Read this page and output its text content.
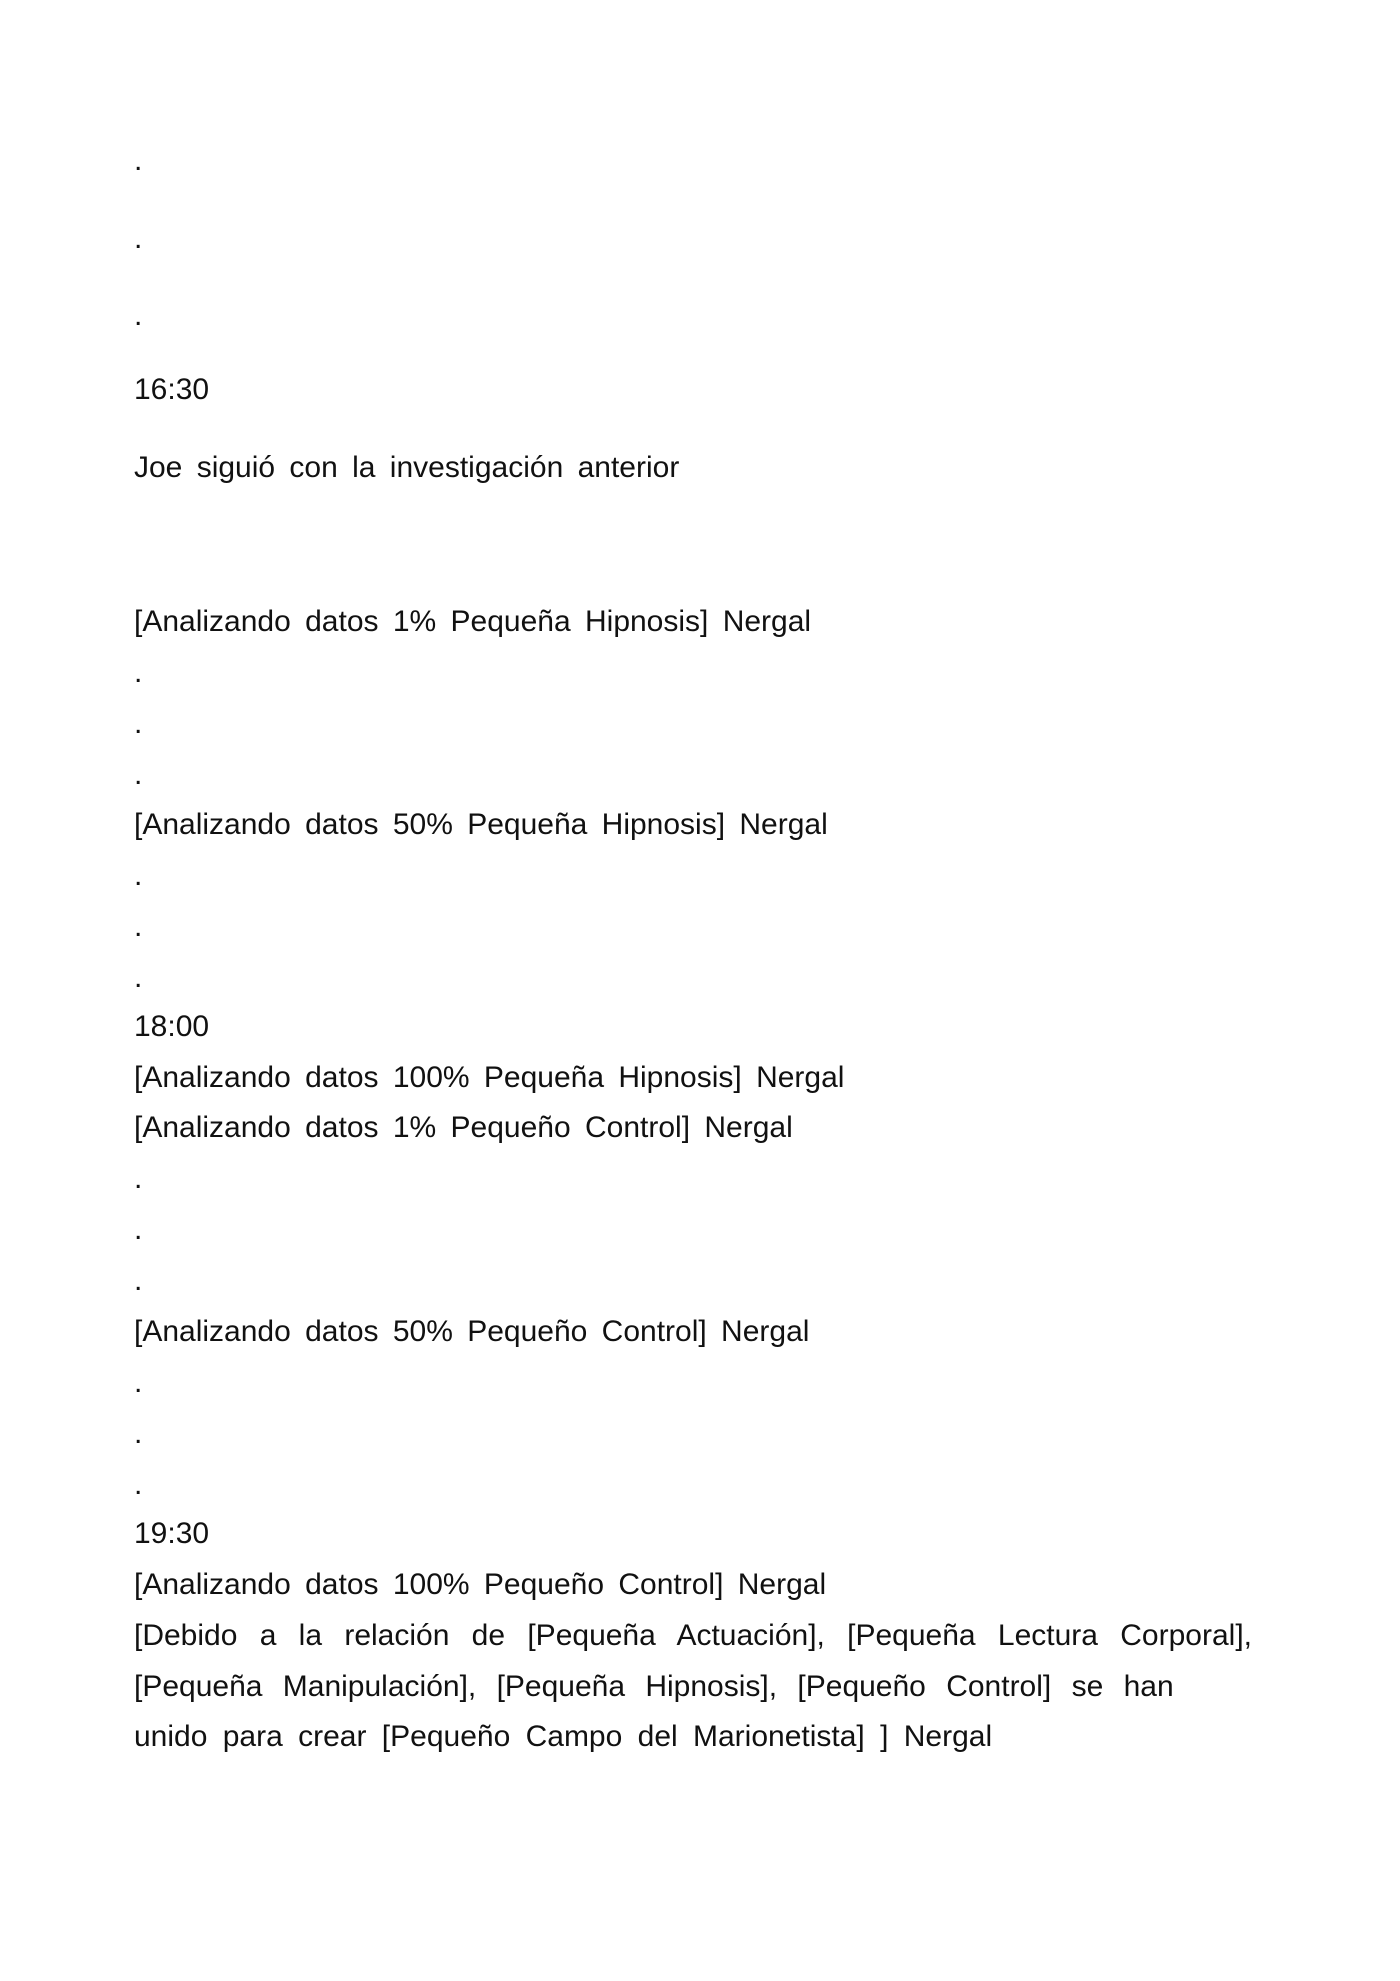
.
.
.
16:30
Joe siguió con la investigación anterior
[Analizando datos 1% Pequeña Hipnosis] Nergal
.
.
.
[Analizando datos 50% Pequeña Hipnosis] Nergal
.
.
.
18:00
[Analizando datos 100% Pequeña Hipnosis] Nergal
[Analizando datos 1% Pequeño Control] Nergal
.
.
.
[Analizando datos 50% Pequeño Control] Nergal
.
.
.
19:30
[Analizando datos 100% Pequeño Control] Nergal
[Debido a la relación de [Pequeña Actuación], [Pequeña Lectura Corporal],
[Pequeña Manipulación], [Pequeña Hipnosis], [Pequeño Control] se han
unido para crear [Pequeño Campo del Marionetista] ] Nergal
